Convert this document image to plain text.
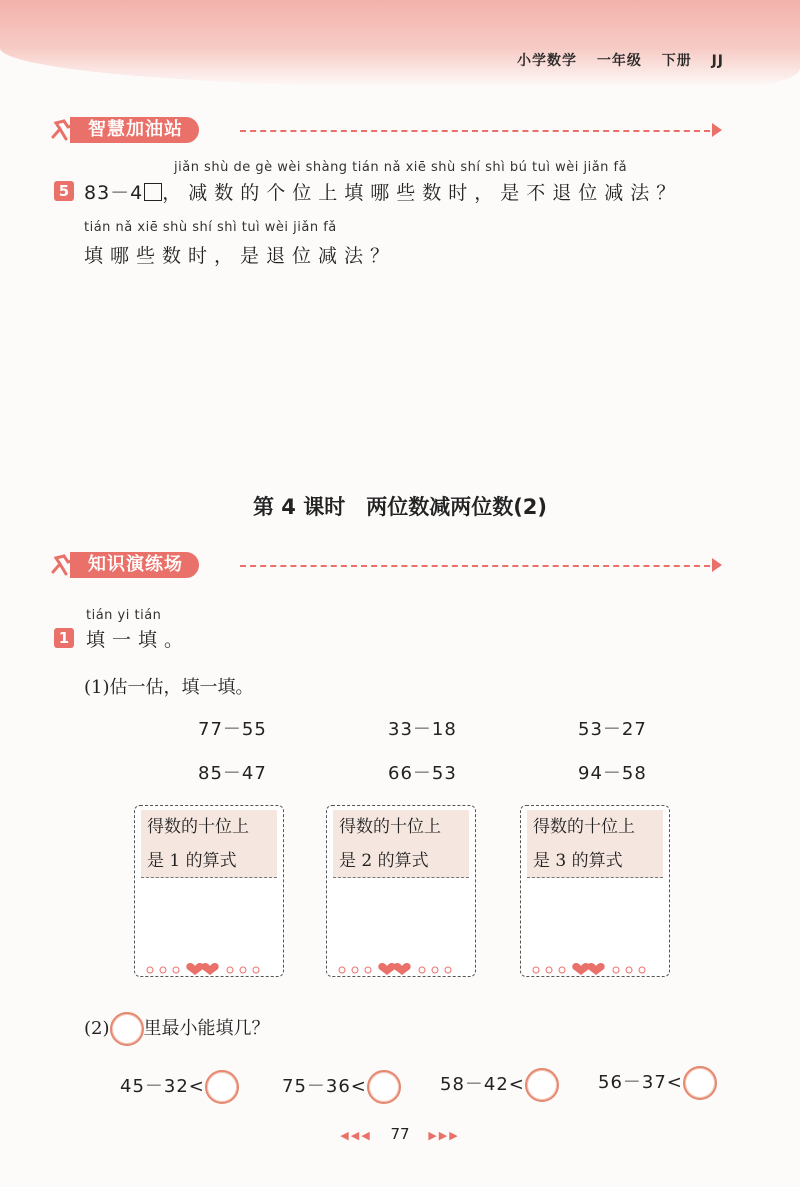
小学数学 一年级 下册 JJ
智慧加油站
jiǎn shù de gè wèi shàng tián nǎ xiē shù shí shì bú tuì wèi jiǎn fǎ
5 83－4 ，减数的个位上填哪些数时，是不退位减法？
tián nǎ xiē shù shí shì tuì wèi jiǎn fǎ
填哪些数时，是退位减法？
第 4 课时　两位数减两位数(2)
知识演练场
tián yi tián
1 填一填。
(1)估一估，填一填。
77－55	33－18	53－27
85－47	66－53	94－58
得数的十位上
是 1 的算式
得数的十位上
是 2 的算式
得数的十位上
是 3 的算式
(2) 里最小能填几？
45－32<	75－36<	58－42<	56－37<
◀◀◀ 77 ▶▶▶
